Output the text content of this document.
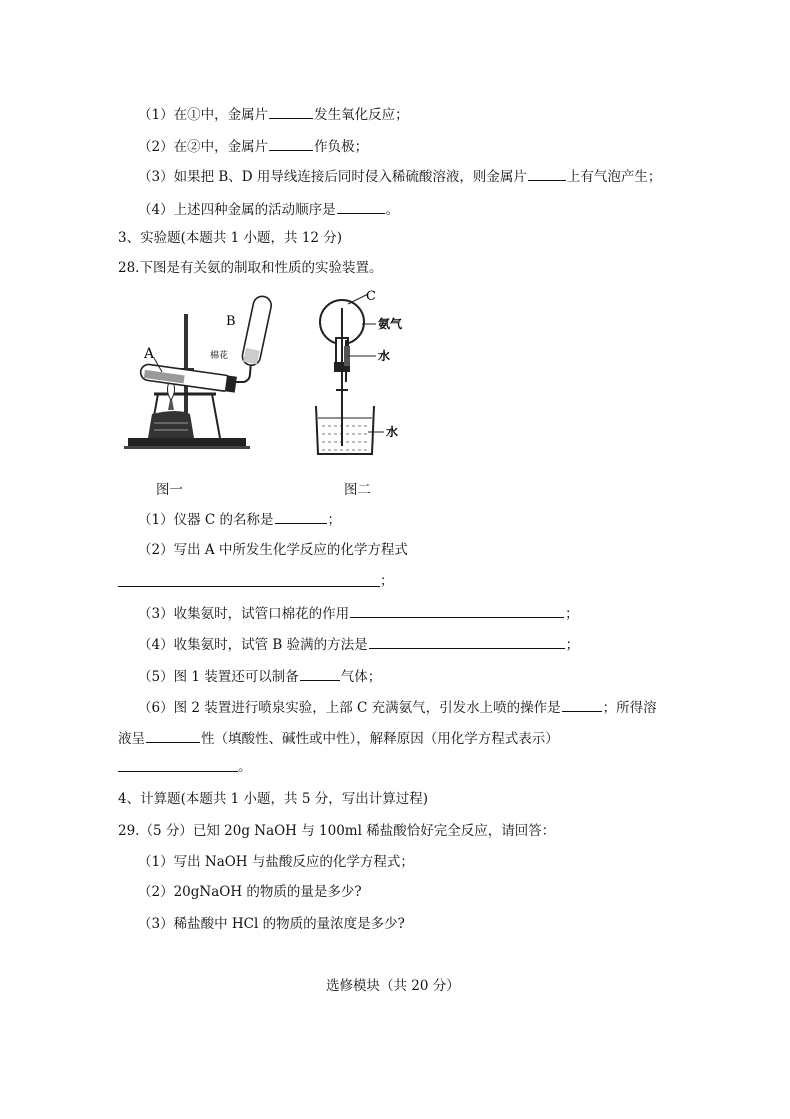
（1）在①中，金属片	发生氧化反应；
（2）在②中，金属片	作负极；
（3）如果把 B、D 用导线连接后同时侵入稀硫酸溶液，则金属片	上有气泡产生；
（4）上述四种金属的活动顺序是	。
3、实验题(本题共 1 小题，共 12 分)
28.下图是有关氨的制取和性质的实验装置。
A
B
棉花
C
氨气
水
水
图一	图二
（1）仪器 C 的名称是	；
（2）写出 A 中所发生化学反应的化学方程式
；
（3）收集氨时，试管口棉花的作用	；
（4）收集氨时，试管 B 验满的方法是	；
（5）图 1 装置还可以制备	气体；
（6）图 2 装置进行喷泉实验，上部 C 充满氨气，引发水上喷的操作是	；所得溶
液呈	性（填酸性、碱性或中性），解释原因（用化学方程式表示）
。
4、计算题(本题共 1 小题，共 5 分，写出计算过程)
29.（5 分）已知 20g NaOH 与 100ml 稀盐酸恰好完全反应，请回答：
（1）写出 NaOH 与盐酸反应的化学方程式；
（2）20gNaOH 的物质的量是多少?
（3）稀盐酸中 HCl 的物质的量浓度是多少?
选修模块（共 20 分）
